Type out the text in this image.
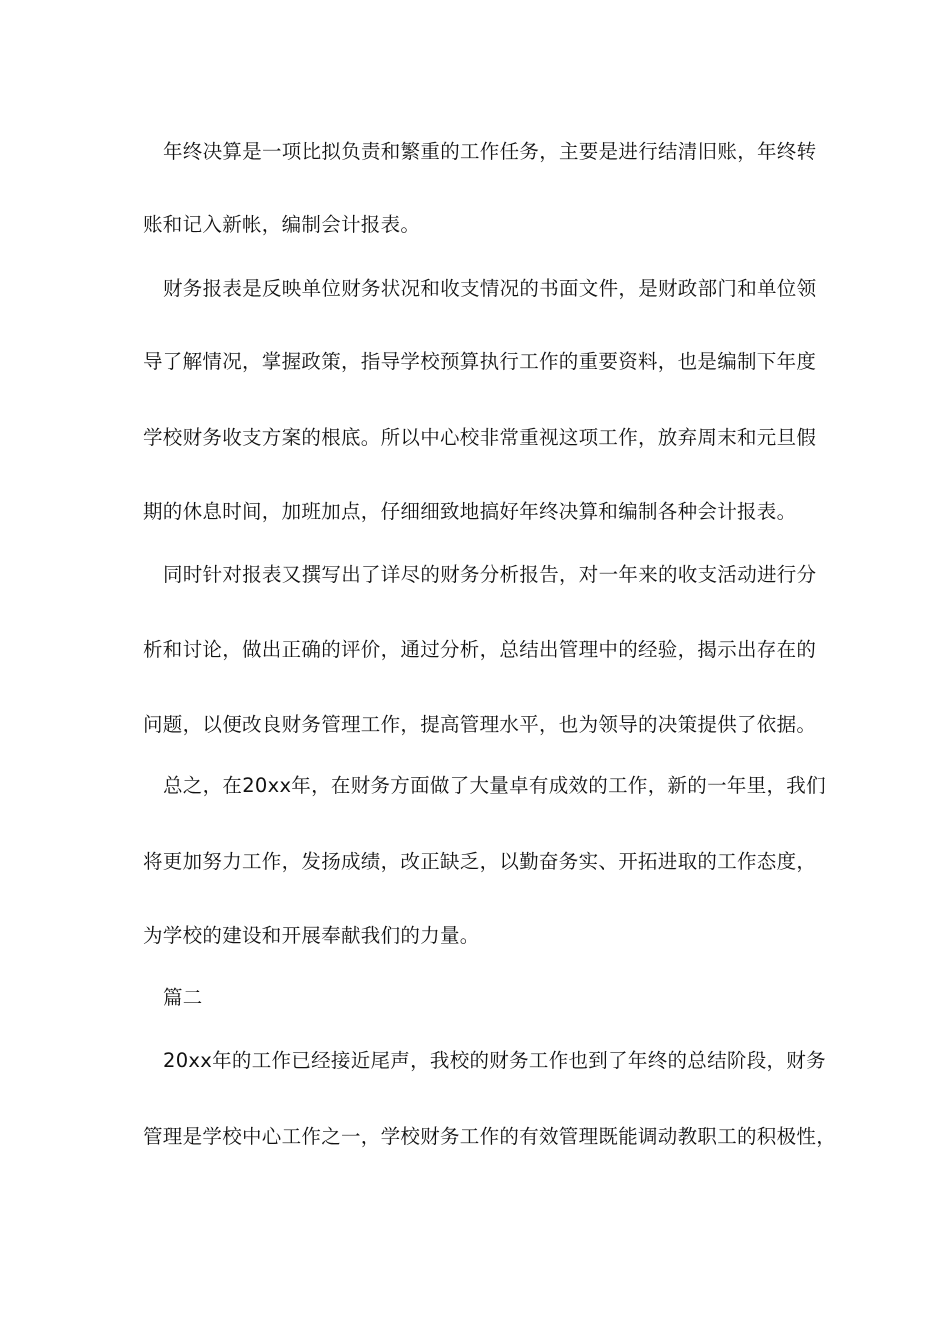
年终决算是一项比拟负责和繁重的工作任务，主要是进行结清旧账，年终转
账和记入新帐，编制会计报表。
财务报表是反映单位财务状况和收支情况的书面文件，是财政部门和单位领
导了解情况，掌握政策，指导学校预算执行工作的重要资料，也是编制下年度
学校财务收支方案的根底。所以中心校非常重视这项工作，放弃周末和元旦假
期的休息时间，加班加点，仔细细致地搞好年终决算和编制各种会计报表。
同时针对报表又撰写出了详尽的财务分析报告，对一年来的收支活动进行分
析和讨论，做出正确的评价，通过分析，总结出管理中的经验，揭示出存在的
问题，以便改良财务管理工作，提高管理水平，也为领导的决策提供了依据。
总之，在20xx年，在财务方面做了大量卓有成效的工作，新的一年里，我们
将更加努力工作，发扬成绩，改正缺乏，以勤奋务实、开拓进取的工作态度，
为学校的建设和开展奉献我们的力量。
篇二
20xx年的工作已经接近尾声，我校的财务工作也到了年终的总结阶段，财务
管理是学校中心工作之一，学校财务工作的有效管理既能调动教职工的积极性，
